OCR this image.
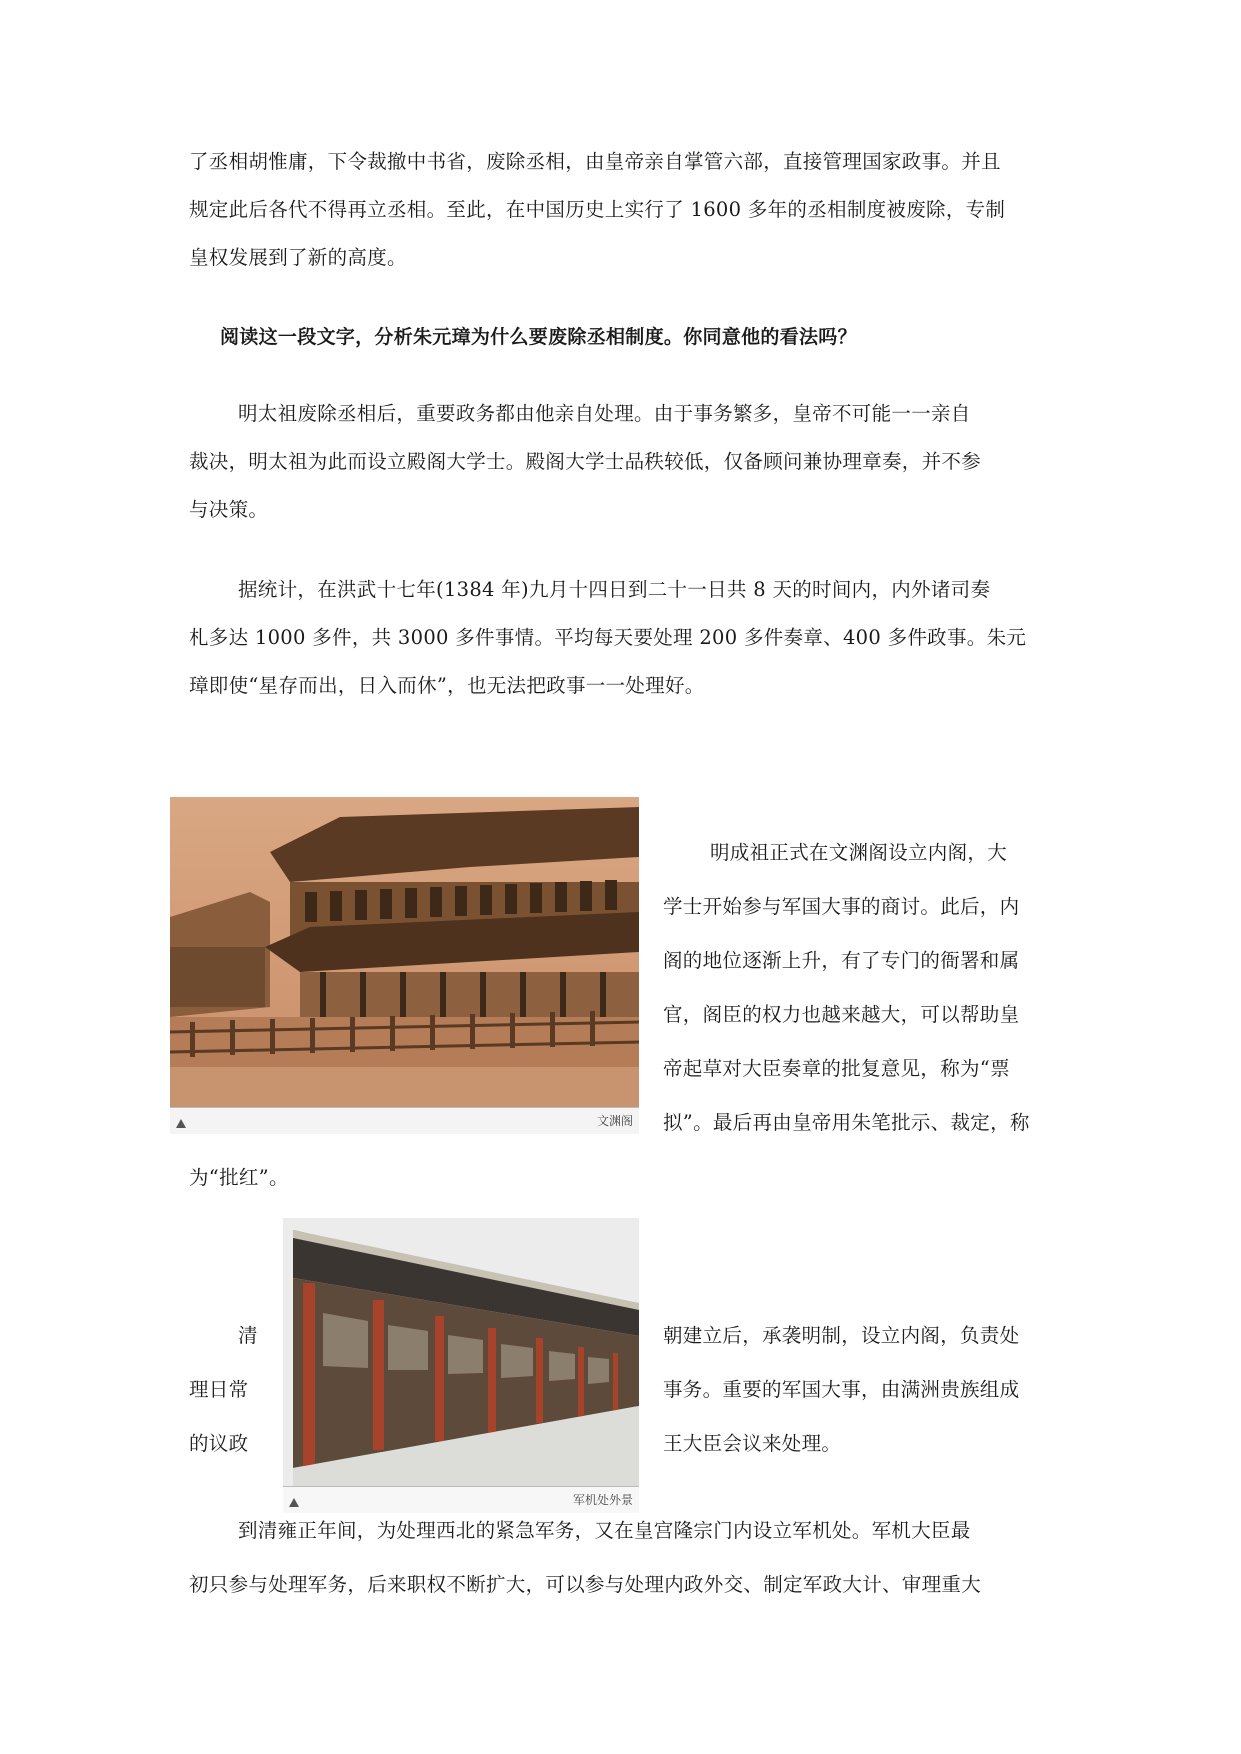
了丞相胡惟庸，下令裁撤中书省，废除丞相，由皇帝亲自掌管六部，直接管理国家政事。并且
规定此后各代不得再立丞相。至此，在中国历史上实行了 1600 多年的丞相制度被废除，专制
皇权发展到了新的高度。
阅读这一段文字，分析朱元璋为什么要废除丞相制度。你同意他的看法吗？
明太祖废除丞相后，重要政务都由他亲自处理。由于事务繁多，皇帝不可能一一亲自
裁决，明太祖为此而设立殿阁大学士。殿阁大学士品秩较低，仅备顾问兼协理章奏，并不参
与决策。
据统计，在洪武十七年(1384 年)九月十四日到二十一日共 8 天的时间内，内外诸司奏
札多达 1000 多件，共 3000 多件事情。平均每天要处理 200 多件奏章、400 多件政事。朱元
璋即使“星存而出，日入而休”，也无法把政事一一处理好。
文渊阁
明成祖正式在文渊阁设立内阁，大
学士开始参与军国大事的商讨。此后，内
阁的地位逐渐上升，有了专门的衙署和属
官，阁臣的权力也越来越大，可以帮助皇
帝起草对大臣奏章的批复意见，称为“票
拟”。最后再由皇帝用朱笔批示、裁定，称
为“批红”。
军机处外景
清
理日常
的议政
朝建立后，承袭明制，设立内阁，负责处
事务。重要的军国大事，由满洲贵族组成
王大臣会议来处理。
到清雍正年间，为处理西北的紧急军务，又在皇宫隆宗门内设立军机处。军机大臣最
初只参与处理军务，后来职权不断扩大，可以参与处理内政外交、制定军政大计、审理重大
